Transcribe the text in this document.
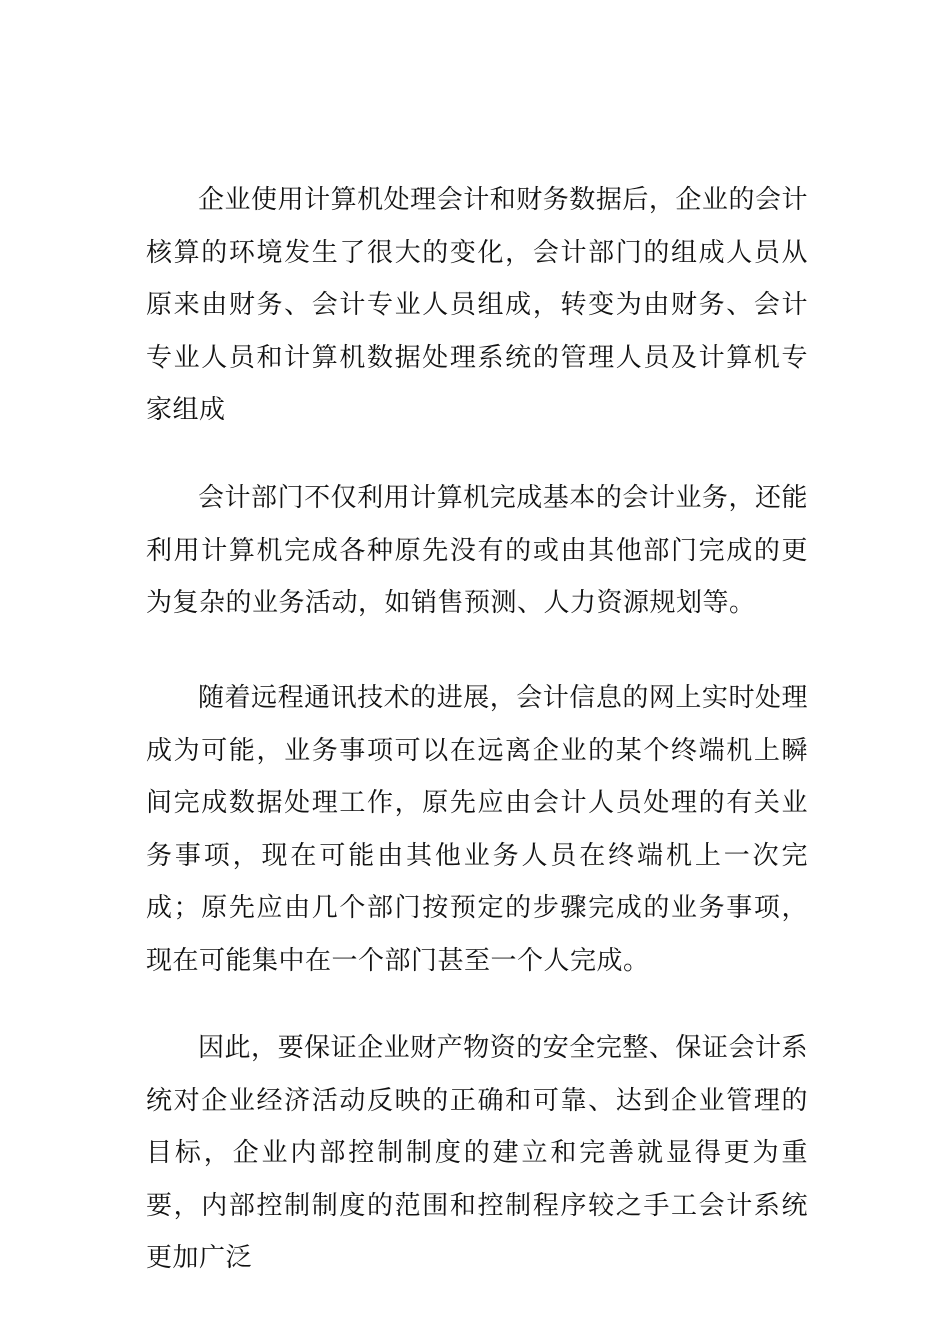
企业使用计算机处理会计和财务数据后，企业的会计核算的环境发生了很大的变化，会计部门的组成人员从原来由财务、会计专业人员组成，转变为由财务、会计专业人员和计算机数据处理系统的管理人员及计算机专家组成

会计部门不仅利用计算机完成基本的会计业务，还能利用计算机完成各种原先没有的或由其他部门完成的更为复杂的业务活动，如销售预测、人力资源规划等。

随着远程通讯技术的进展，会计信息的网上实时处理成为可能，业务事项可以在远离企业的某个终端机上瞬间完成数据处理工作，原先应由会计人员处理的有关业务事项，现在可能由其他业务人员在终端机上一次完成；原先应由几个部门按预定的步骤完成的业务事项，现在可能集中在一个部门甚至一个人完成。

因此，要保证企业财产物资的安全完整、保证会计系统对企业经济活动反映的正确和可靠、达到企业管理的目标，企业内部控制制度的建立和完善就显得更为重要，内部控制制度的范围和控制程序较之手工会计系统更加广泛
